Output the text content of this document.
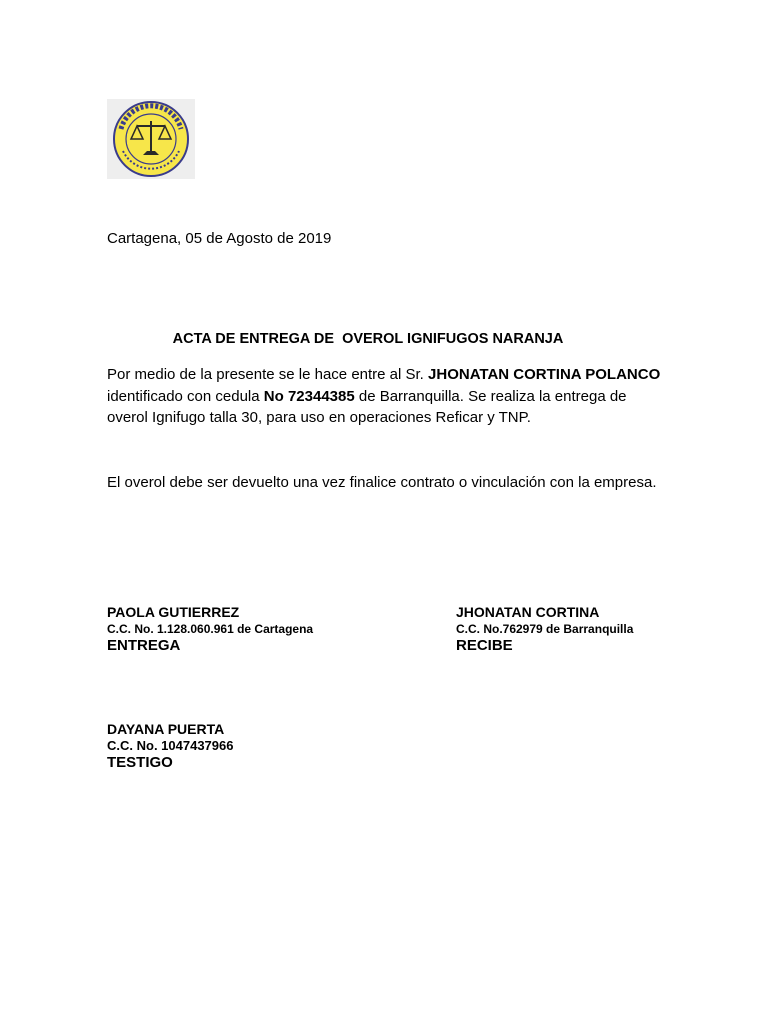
Cartagena, 05 de Agosto de 2019
ACTA DE ENTREGA DE  OVEROL IGNIFUGOS NARANJA
Por medio de la presente se le hace entre al Sr. JHONATAN CORTINA POLANCO identificado con cedula No 72344385 de Barranquilla. Se realiza la entrega de overol Ignifugo talla 30, para uso en operaciones Reficar y TNP.
El overol debe ser devuelto una vez finalice contrato o vinculación con la empresa.
PAOLA GUTIERREZ
C.C. No. 1.128.060.961 de Cartagena
ENTREGA
JHONATAN CORTINA
C.C. No.762979 de Barranquilla
RECIBE
DAYANA PUERTA
C.C. No. 1047437966
TESTIGO
